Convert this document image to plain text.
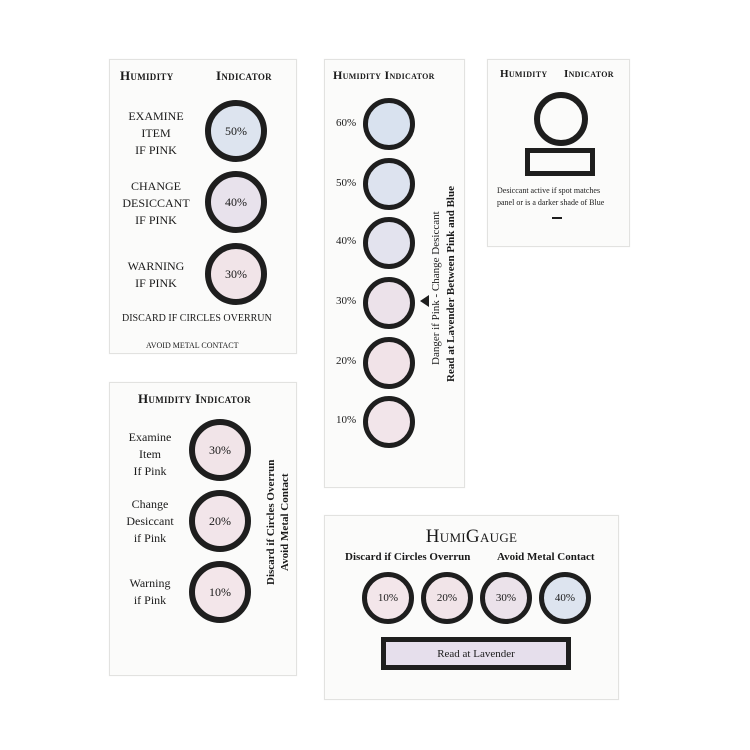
Humidity	Indicator
EXAMINE
ITEM
IF PINK
50%
CHANGE
DESICCANT
IF PINK
40%
WARNING
IF PINK
30%
DISCARD IF CIRCLES OVERRUN
AVOID METAL CONTACT
Humidity Indicator
60%
50%
40%
30%
20%
10%
Danger if Pink - Change Desiccant Read at Lavender Between Pink and Blue
Humidity Indicator
Desiccant active if spot matches
panel or is a darker shade of Blue
Humidity Indicator
Examine
Item
If Pink
30%
Change
Desiccant
if Pink
20%
Warning
if Pink
10%
Discard if Circles Overrun Avoid Metal Contact	HumiGauge
Discard if Circles Overrun Avoid Metal Contact
10%	20%	30%	40%
Read at Lavender
